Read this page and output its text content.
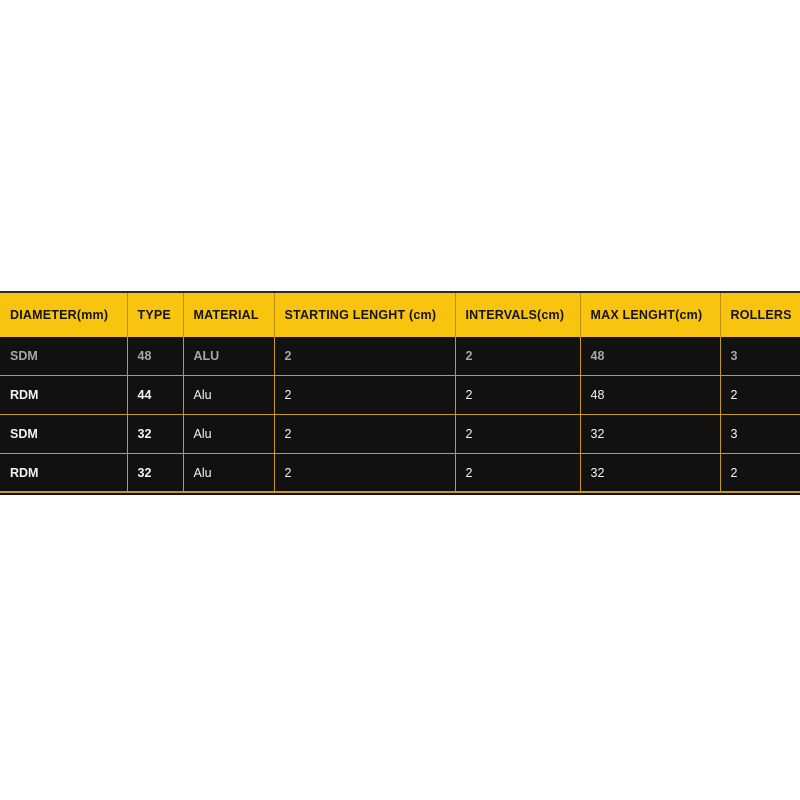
DIAMETER(mm)	TYPE	MATERIAL	STARTING LENGHT (cm)	INTERVALS(cm)	MAX LENGHT(cm)	ROLLERS
SDM	48	ALU	2	2	48	3
RDM	44	Alu	2	2	48	2
SDM	32	Alu	2	2	32	3
RDM	32	Alu	2	2	32	2
